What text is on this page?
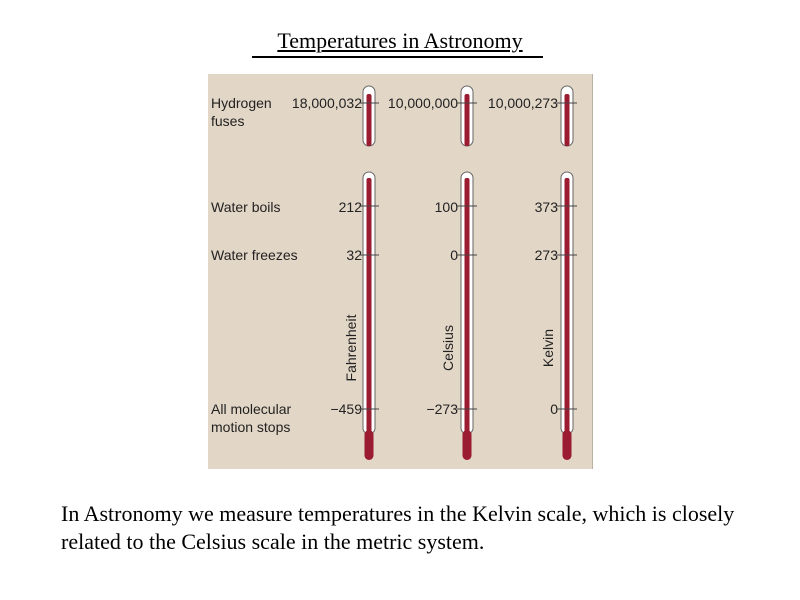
Temperatures in Astronomy
Hydrogen
fuses
Water boils
Water freezes
All molecular
motion stops
18,000,032
212
32
−459
10,000,000
100
0
−273
10,000,273
373
273
0
Fahrenheit	Celsius	Kelvin
In Astronomy we measure temperatures in the Kelvin scale, which is closely related to the Celsius scale in the metric system.
